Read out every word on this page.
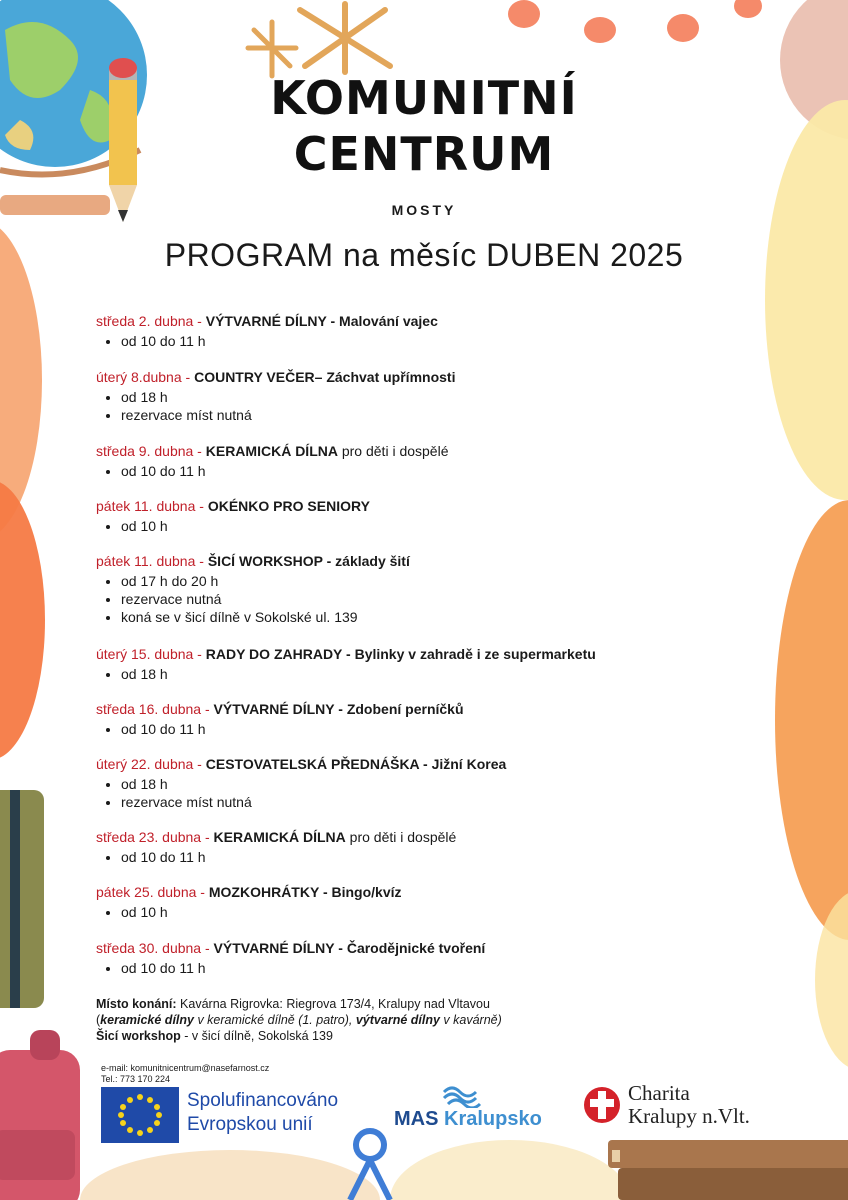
KOMUNITNÍ
CENTRUM
MOSTY
PROGRAM na měsíc DUBEN 2025
středa 2. dubna - VÝTVARNÉ DÍLNY - Malování vajec
• od 10 do 11 h
úterý 8.dubna - COUNTRY VEČER– Záchvat upřímnosti
• od 18 h
• rezervace míst nutná
středa 9. dubna - KERAMICKÁ DÍLNA pro děti i dospělé
• od 10 do 11 h
pátek 11. dubna - OKÉNKO PRO SENIORY
• od 10 h
pátek 11. dubna - ŠICÍ WORKSHOP - základy šití
• od 17 h do 20 h
• rezervace nutná
• koná se v šicí dílně v Sokolské ul. 139
úterý 15. dubna - RADY DO ZAHRADY - Bylinky v zahradě i ze supermarketu
• od 18 h
středa 16. dubna - VÝTVARNÉ DÍLNY - Zdobení perníčků
• od 10 do 11 h
úterý 22. dubna - CESTOVATELSKÁ PŘEDNÁŠKA - Jižní Korea
• od 18 h
• rezervace míst nutná
středa 23. dubna - KERAMICKÁ DÍLNA pro děti i dospělé
• od 10 do 11 h
pátek 25. dubna - MOZKOHRÁTKY - Bingo/kvíz
• od 10 h
středa 30. dubna - VÝTVARNÉ DÍLNY - Čarodějnické tvoření
• od 10 do 11 h
Místo konání: Kavárna Rigrovka: Riegrova 173/4, Kralupy nad Vltavou
(keramické dílny v keramické dílně (1. patro), výtvarné dílny v kavárně)
Šicí workshop - v šicí dílně, Sokolská 139
e-mail: komunitnicentrum@nasefarnost.cz
Tel.: 773 170 224
Spolufinancováno
Evropskou unií	MAS Kralupsko
Charita
Kralupy n.Vlt.
